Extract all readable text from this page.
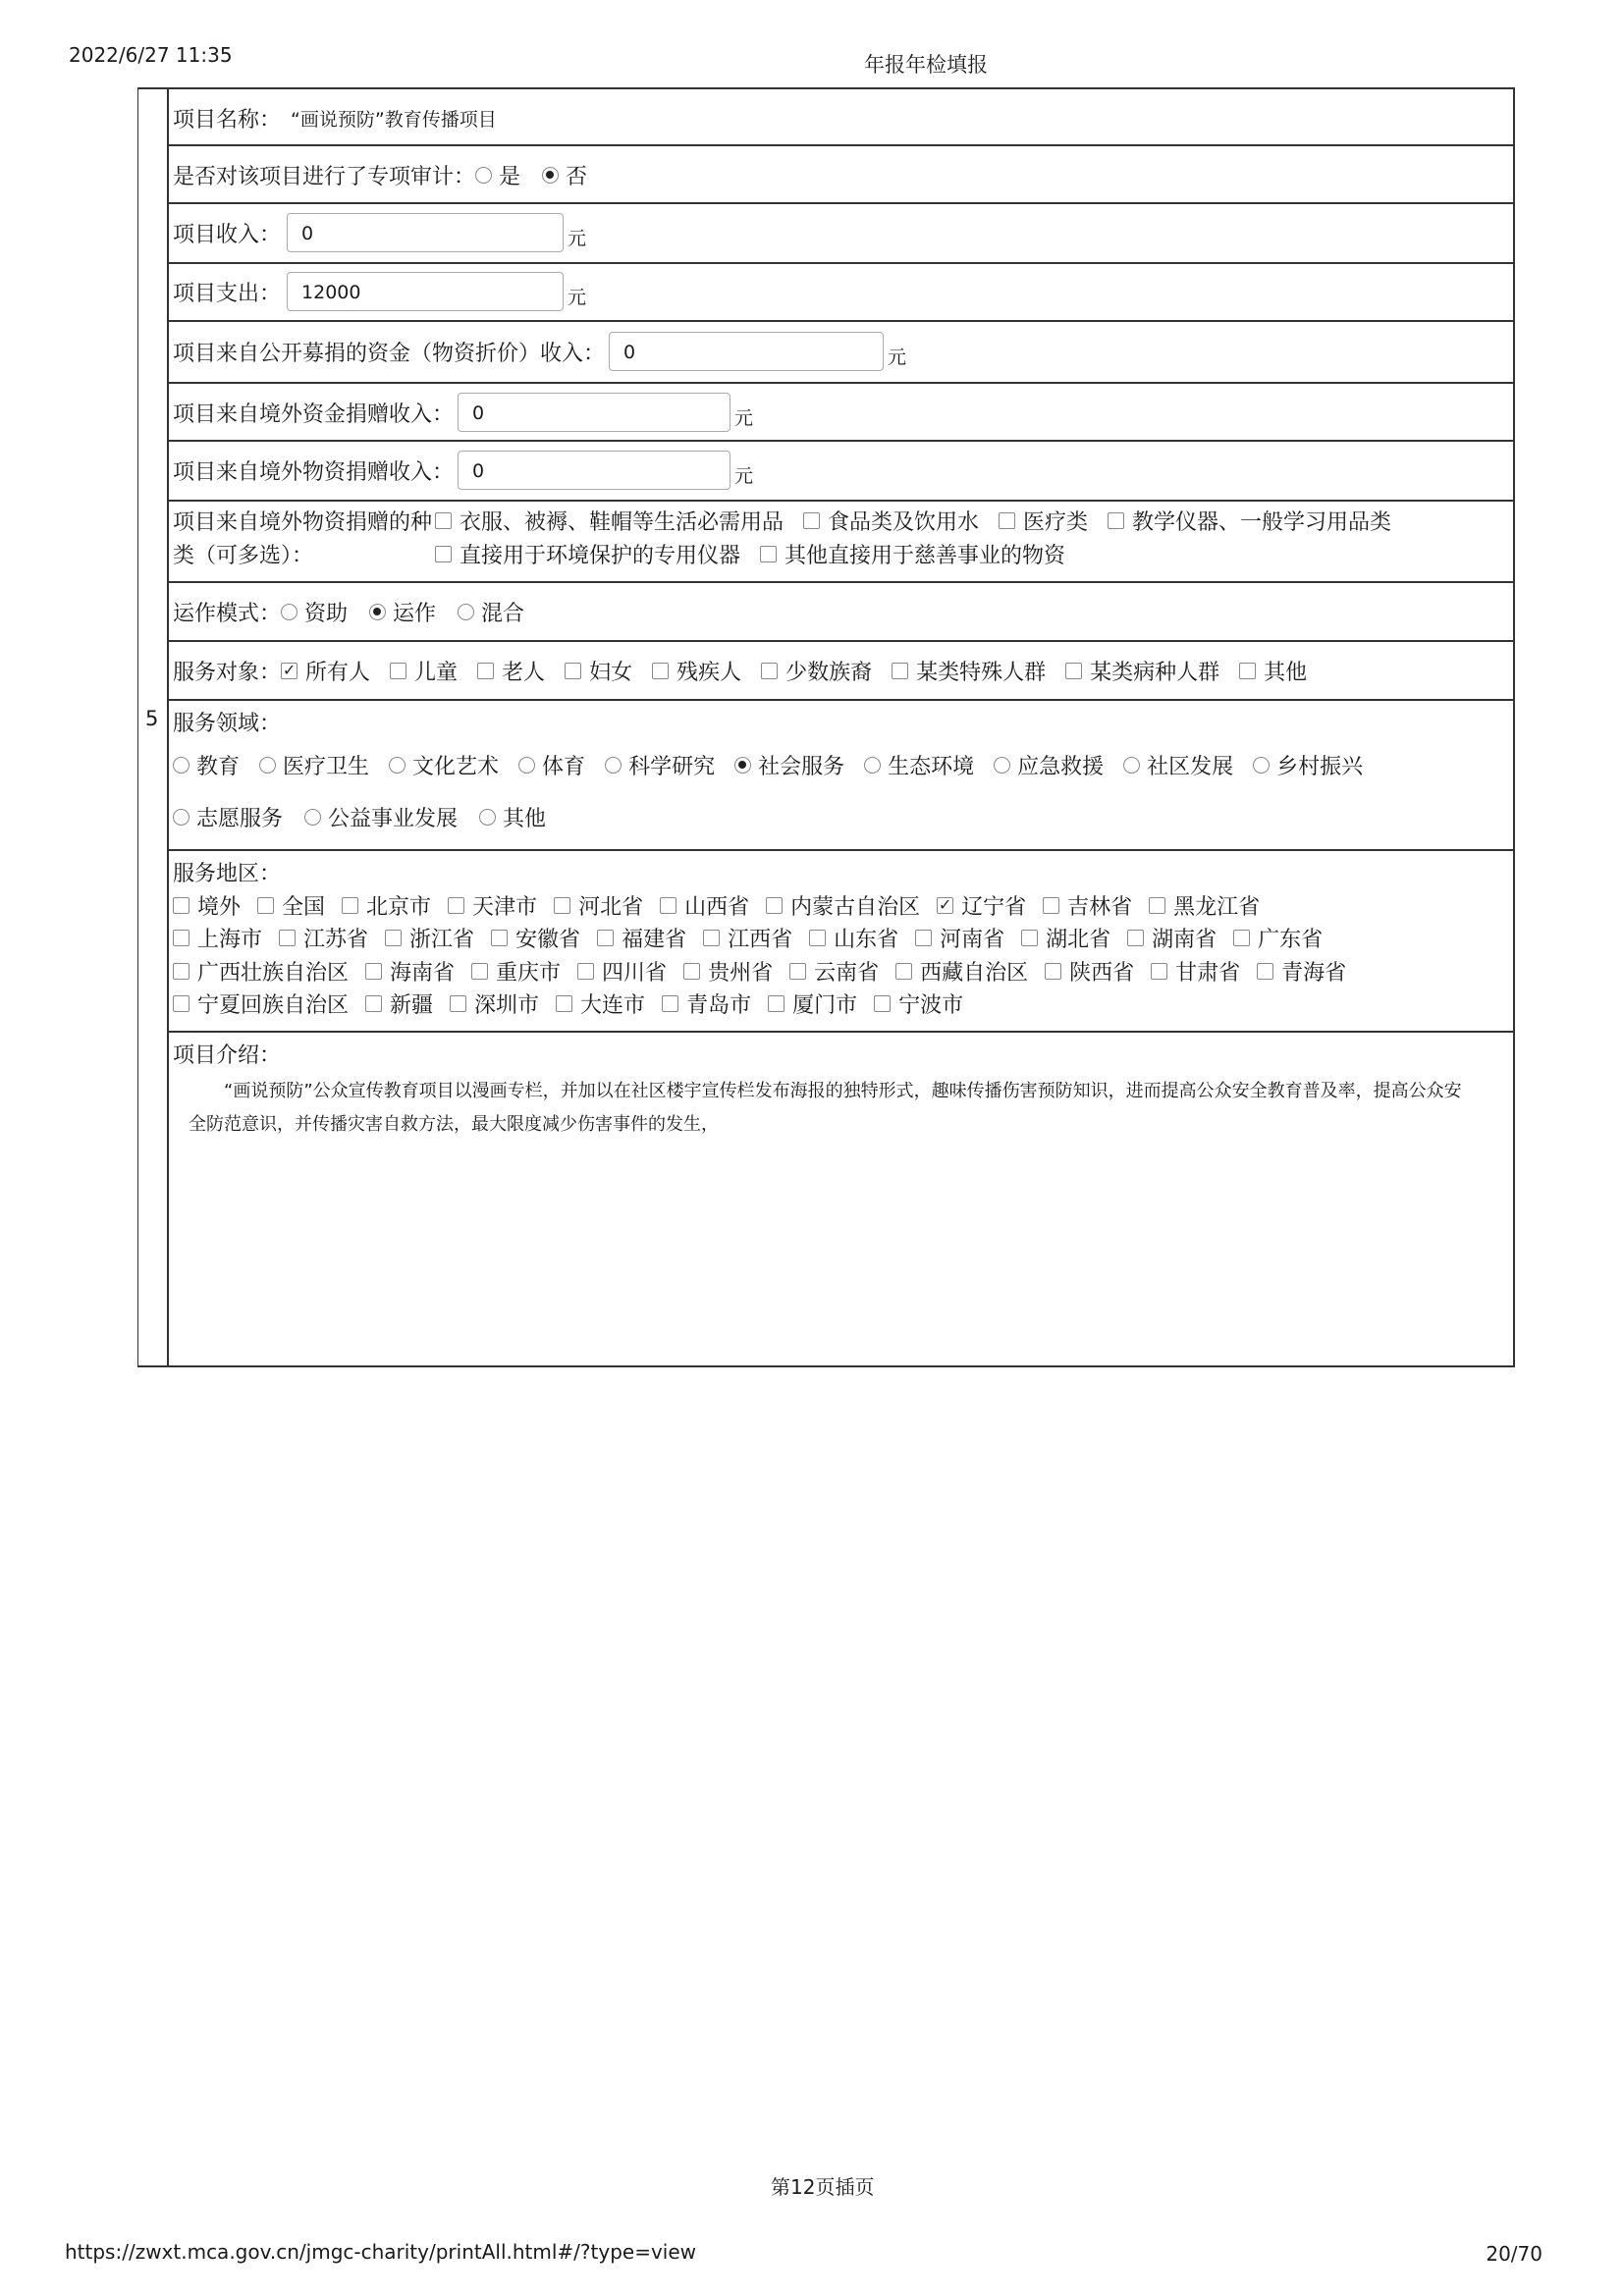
2022/6/27 11:35	年报年检填报
5
项目名称： “画说预防”教育传播项目
是否对该项目进行了专项审计： 是 否
项目收入：	0	元
项目支出：	12000	元
项目来自公开募捐的资金（物资折价）收入：	0	元
项目来自境外资金捐赠收入：	0	元
项目来自境外物资捐赠收入：	0	元
项目来自境外物资捐赠的种
类（可多选）：
衣服、被褥、鞋帽等生活必需用品 食品类及饮用水 医疗类 教学仪器、一般学习用品类
直接用于环境保护的专用仪器 其他直接用于慈善事业的物资
运作模式： 资助 运作 混合
服务对象： ✓ 所有人 儿童 老人 妇女 残疾人 少数族裔 某类特殊人群 某类病种人群 其他
服务领域：
教育 医疗卫生 文化艺术 体育 科学研究 社会服务 生态环境 应急救援 社区发展 乡村振兴
志愿服务 公益事业发展 其他
服务地区：
境外 全国 北京市 天津市 河北省 山西省 内蒙古自治区 ✓ 辽宁省 吉林省 黑龙江省
上海市 江苏省 浙江省 安徽省 福建省 江西省 山东省 河南省 湖北省 湖南省 广东省
广西壮族自治区 海南省 重庆市 四川省 贵州省 云南省 西藏自治区 陕西省 甘肃省 青海省
宁夏回族自治区 新疆 深圳市 大连市 青岛市 厦门市 宁波市
项目介绍：
“画说预防”公众宣传教育项目以漫画专栏，并加以在社区楼宇宣传栏发布海报的独特形式，趣味传播伤害预防知识，进而提高公众安全教育普及率，提高公众安全防范意识，并传播灾害自救方法，最大限度减少伤害事件的发生，
第12页插页
https://zwxt.mca.gov.cn/jmgc-charity/printAll.html#/?type=view	20/70
